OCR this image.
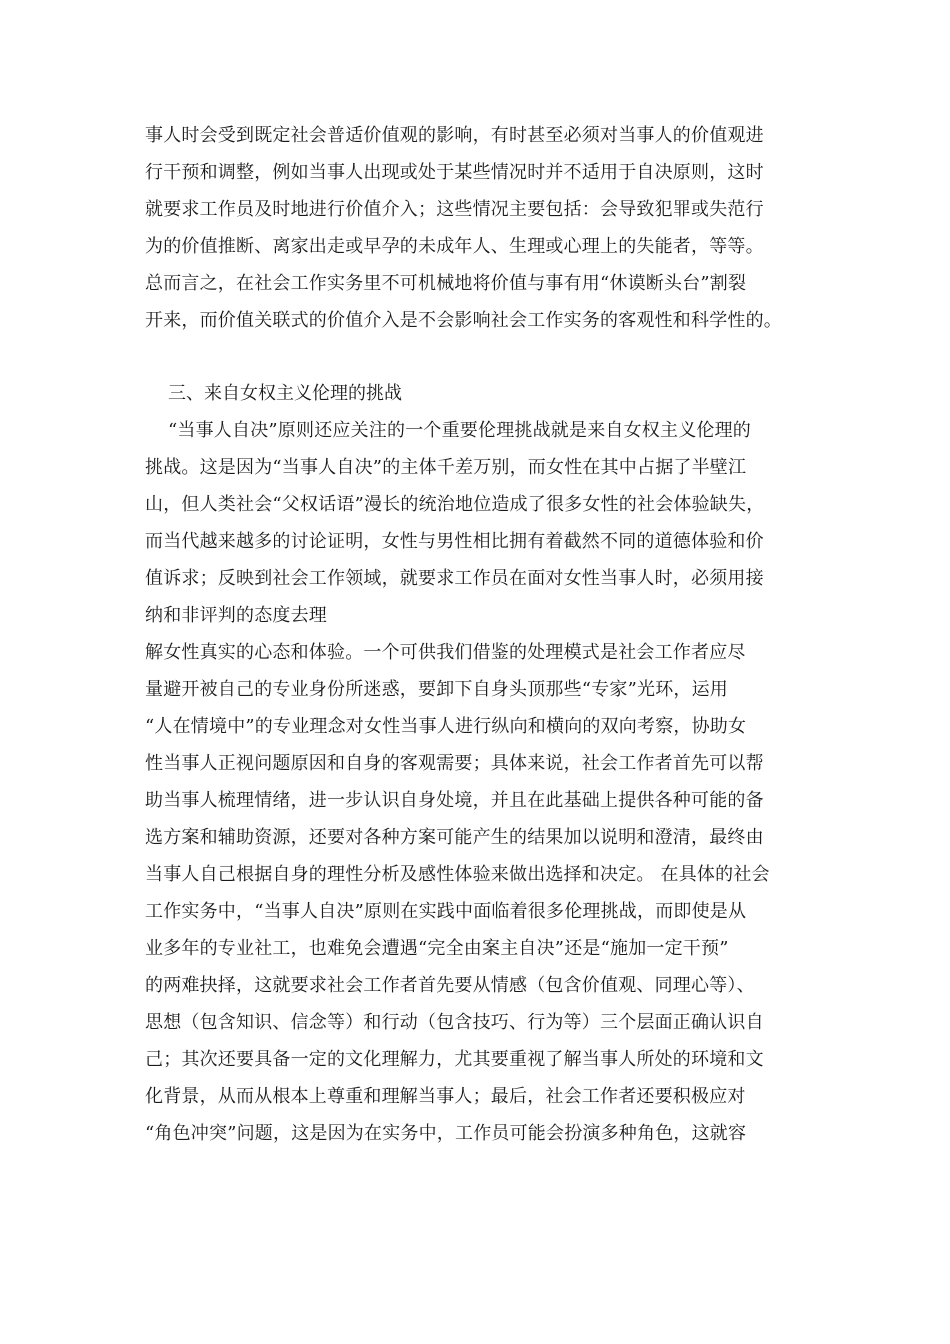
事人时会受到既定社会普适价值观的影响，有时甚至必须对当事人的价值观进
行干预和调整，例如当事人出现或处于某些情况时并不适用于自决原则，这时
就要求工作员及时地进行价值介入；这些情况主要包括：会导致犯罪或失范行
为的价值推断、离家出走或早孕的未成年人、生理或心理上的失能者，等等。
总而言之，在社会工作实务里不可机械地将价值与事有用“休谟断头台”割裂
开来，而价值关联式的价值介入是不会影响社会工作实务的客观性和科学性的。
三、来自女权主义伦理的挑战
“当事人自决”原则还应关注的一个重要伦理挑战就是来自女权主义伦理的
挑战。这是因为“当事人自决”的主体千差万别，而女性在其中占据了半壁江
山，但人类社会“父权话语”漫长的统治地位造成了很多女性的社会体验缺失，
而当代越来越多的讨论证明，女性与男性相比拥有着截然不同的道德体验和价
值诉求；反映到社会工作领域，就要求工作员在面对女性当事人时，必须用接
纳和非评判的态度去理
解女性真实的心态和体验。一个可供我们借鉴的处理模式是社会工作者应尽
量避开被自己的专业身份所迷惑，要卸下自身头顶那些“专家”光环，运用
“人在情境中”的专业理念对女性当事人进行纵向和横向的双向考察，协助女
性当事人正视问题原因和自身的客观需要；具体来说，社会工作者首先可以帮
助当事人梳理情绪，进一步认识自身处境，并且在此基础上提供各种可能的备
选方案和辅助资源，还要对各种方案可能产生的结果加以说明和澄清，最终由
当事人自己根据自身的理性分析及感性体验来做出选择和决定。 在具体的社会
工作实务中，“当事人自决”原则在实践中面临着很多伦理挑战，而即使是从
业多年的专业社工，也难免会遭遇“完全由案主自决”还是“施加一定干预”
的两难抉择，这就要求社会工作者首先要从情感（包含价值观、同理心等）、
思想（包含知识、信念等）和行动（包含技巧、行为等）三个层面正确认识自
己；其次还要具备一定的文化理解力，尤其要重视了解当事人所处的环境和文
化背景，从而从根本上尊重和理解当事人；最后，社会工作者还要积极应对
“角色冲突”问题，这是因为在实务中，工作员可能会扮演多种角色，这就容
